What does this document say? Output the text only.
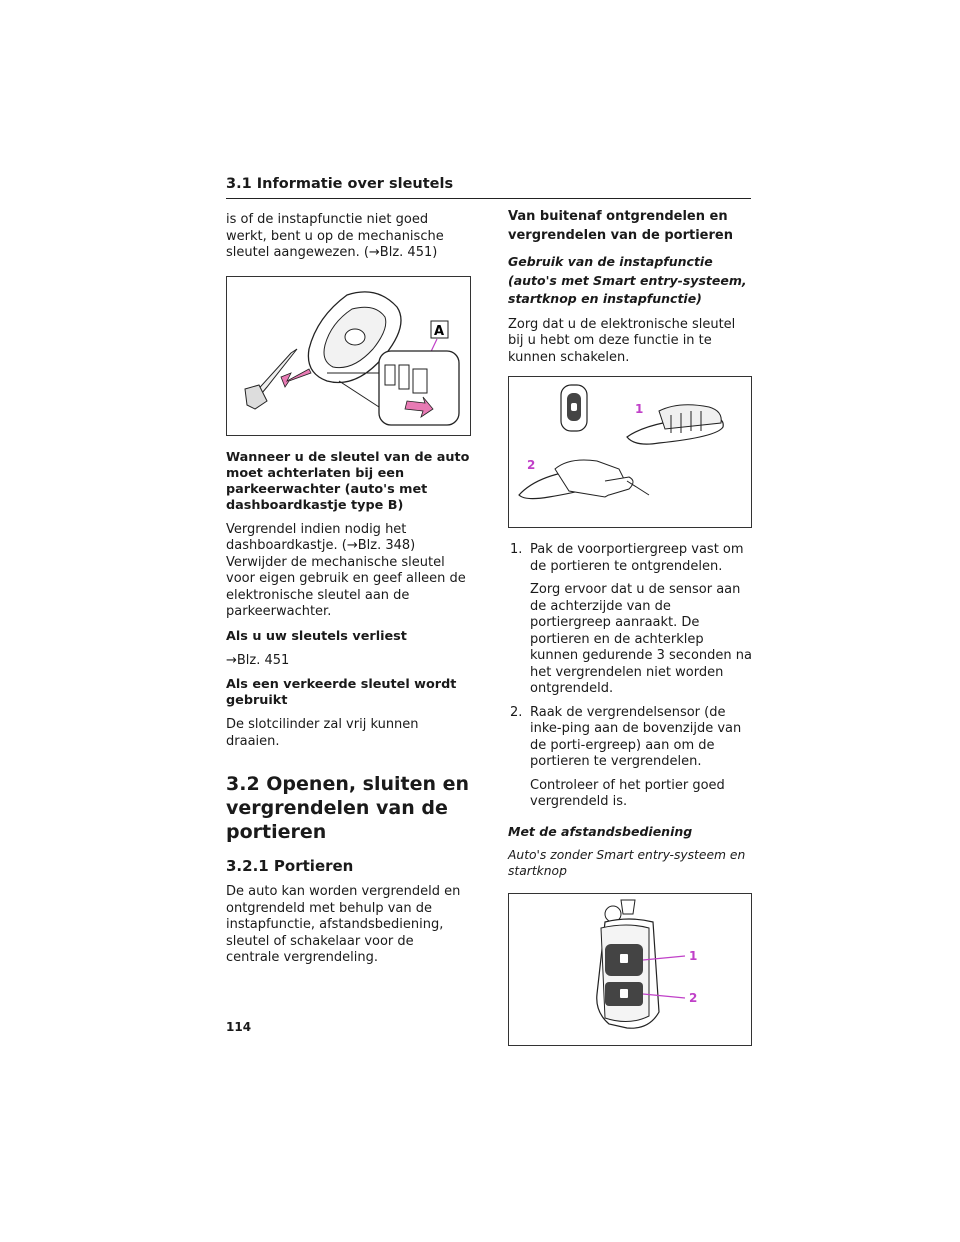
3.1 Informatie over sleutels

is of de instapfunctie niet goed werkt, bent u op de mechanische sleutel aangewezen. (→Blz. 451)

A

Wanneer u de sleutel van de auto moet achterlaten bij een parkeerwachter (auto's met dashboardkastje type B)

Vergrendel indien nodig het dashboardkastje. (→Blz. 348) Verwijder de mechanische sleutel voor eigen gebruik en geef alleen de elektronische sleutel aan de parkeerwachter.

Als u uw sleutels verliest

→Blz. 451

Als een verkeerde sleutel wordt gebruikt

De slotcilinder zal vrij kunnen draaien.

3.2 Openen, sluiten en vergrendelen van de portieren
3.2.1 Portieren

De auto kan worden vergrendeld en ontgrendeld met behulp van de instapfunctie, afstandsbediening, sleutel of schakelaar voor de centrale vergrendeling.

Van buitenaf ontgrendelen en vergrendelen van de portieren

Gebruik van de instapfunctie (auto's met Smart entry-systeem, startknop en instapfunctie)

Zorg dat u de elektronische sleutel bij u hebt om deze functie in te kunnen schakelen.

1
2
1. Pak de voorportiergreep vast om de portieren te ontgrendelen.

Zorg ervoor dat u de sensor aan de achterzijde van de portiergreep aanraakt. De portieren en de achterklep kunnen gedurende 3 seconden na het vergrendelen niet worden ontgrendeld.

2. Raak de vergrendelsensor (de inke-ping aan de bovenzijde van de porti-ergreep) aan om de portieren te vergrendelen.

Controleer of het portier goed vergrendeld is.

Met de afstandsbediening

Auto's zonder Smart entry-systeem en startknop

1
2
114
